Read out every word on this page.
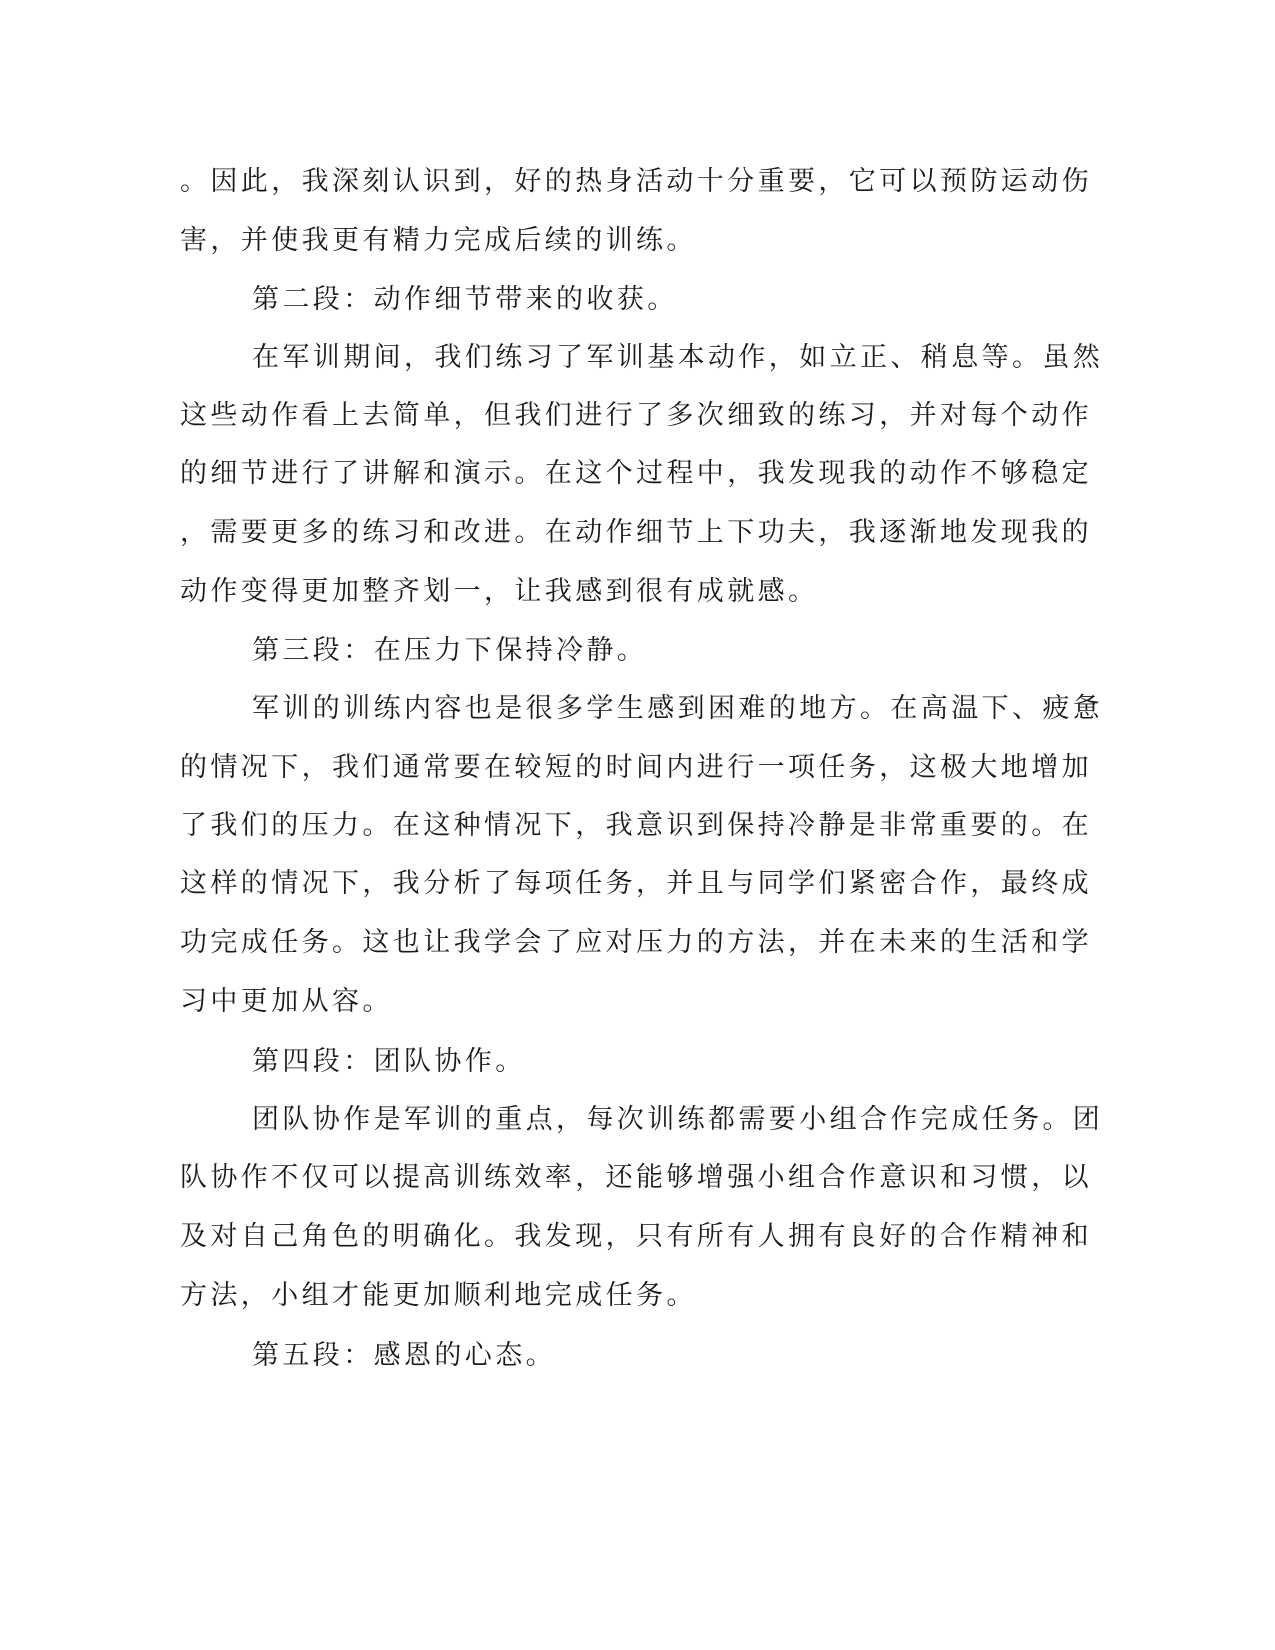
。因此，我深刻认识到，好的热身活动十分重要，它可以预防运动伤
害，并使我更有精力完成后续的训练。
第二段：动作细节带来的收获。
在军训期间，我们练习了军训基本动作，如立正、稍息等。虽然
这些动作看上去简单，但我们进行了多次细致的练习，并对每个动作
的细节进行了讲解和演示。在这个过程中，我发现我的动作不够稳定
，需要更多的练习和改进。在动作细节上下功夫，我逐渐地发现我的
动作变得更加整齐划一，让我感到很有成就感。
第三段：在压力下保持冷静。
军训的训练内容也是很多学生感到困难的地方。在高温下、疲惫
的情况下，我们通常要在较短的时间内进行一项任务，这极大地增加
了我们的压力。在这种情况下，我意识到保持冷静是非常重要的。在
这样的情况下，我分析了每项任务，并且与同学们紧密合作，最终成
功完成任务。这也让我学会了应对压力的方法，并在未来的生活和学
习中更加从容。
第四段：团队协作。
团队协作是军训的重点，每次训练都需要小组合作完成任务。团
队协作不仅可以提高训练效率，还能够增强小组合作意识和习惯，以
及对自己角色的明确化。我发现，只有所有人拥有良好的合作精神和
方法，小组才能更加顺利地完成任务。
第五段：感恩的心态。
